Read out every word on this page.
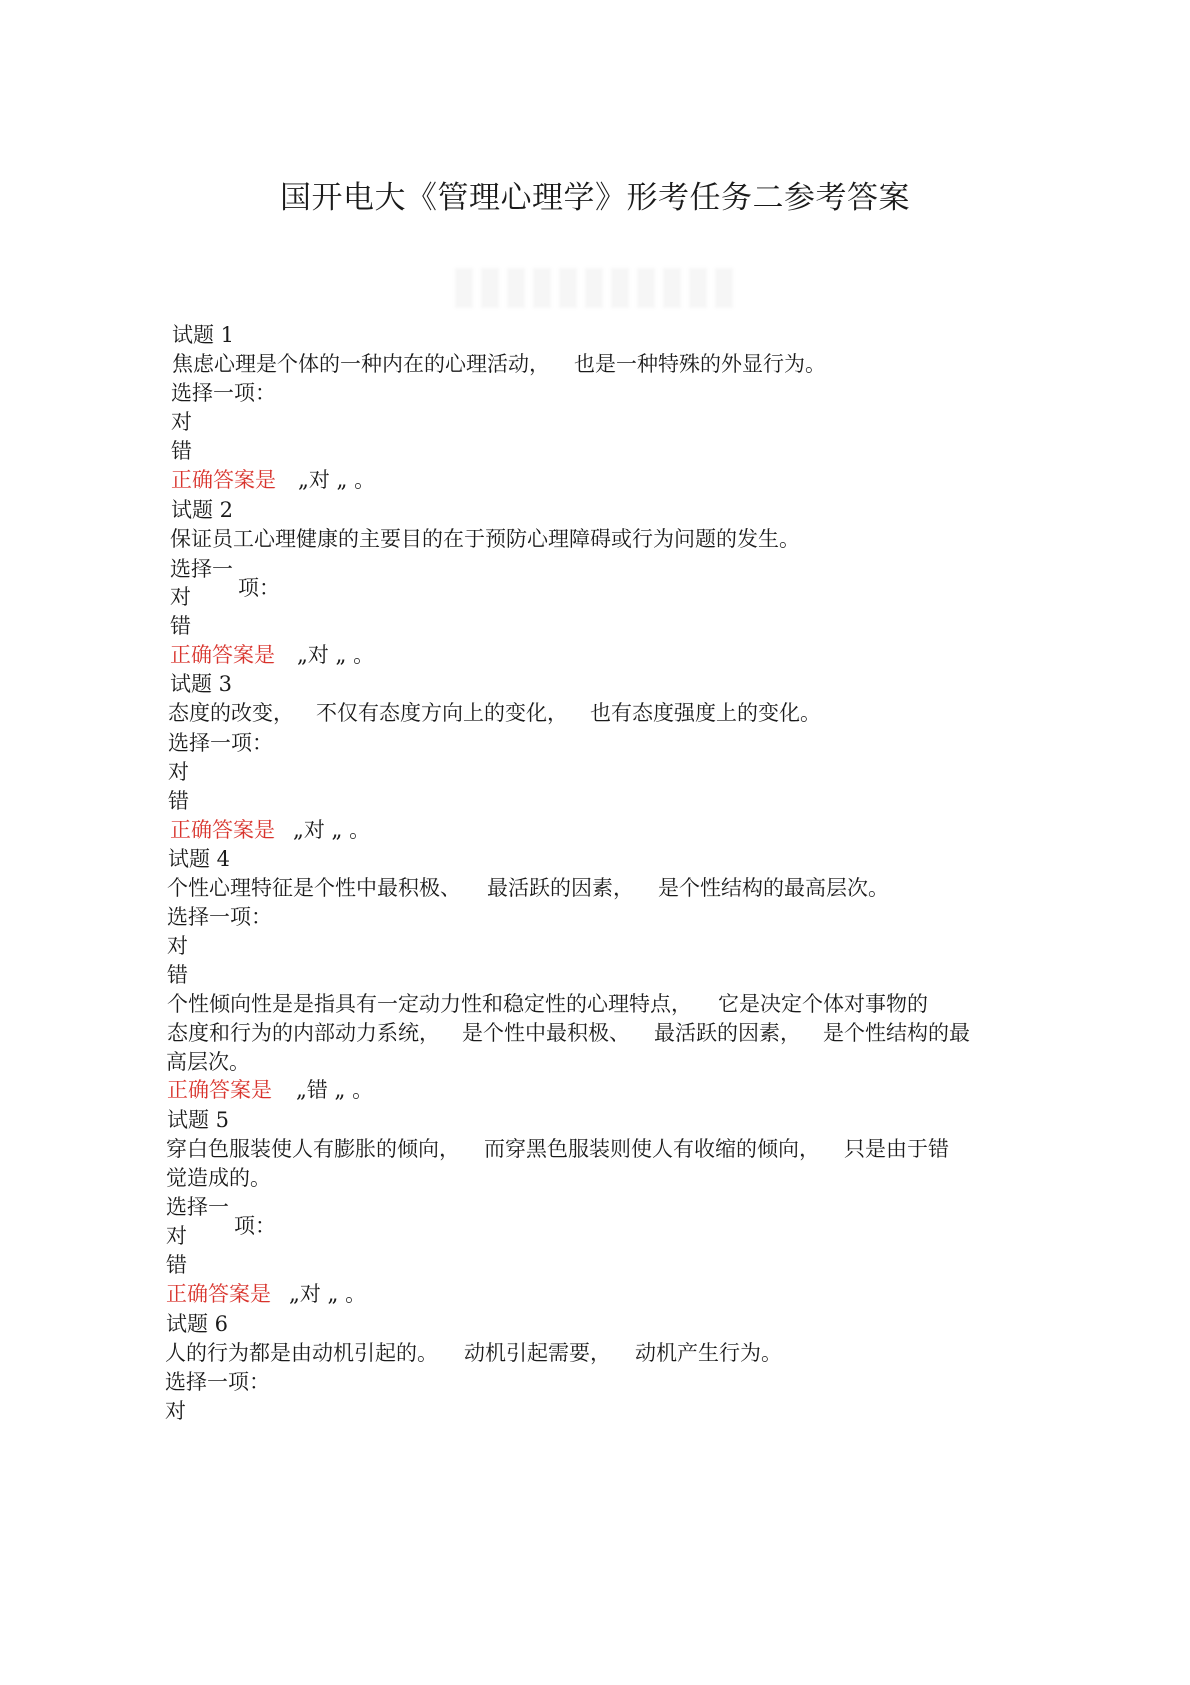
国开电大《管理心理学》形考任务二参考答案
试题 1
焦虑心理是个体的一种内在的心理活动， 也是一种特殊的外显行为。
选择一项：
对
错
正确答案是 „对 „ 。
试题 2
保证员工心理健康的主要目的在于预防心理障碍或行为问题的发生。
选择一
项：
对
错
正确答案是 „对 „ 。
试题 3
态度的改变， 不仅有态度方向上的变化， 也有态度强度上的变化。
选择一项：
对
错
正确答案是 „对 „ 。
试题 4
个性心理特征是个性中最积极、 最活跃的因素， 是个性结构的最高层次。
选择一项：
对
错
个性倾向性是是指具有一定动力性和稳定性的心理特点， 它是决定个体对事物的
态度和行为的内部动力系统， 是个性中最积极、 最活跃的因素， 是个性结构的最
高层次。
正确答案是 „错 „ 。
试题 5
穿白色服装使人有膨胀的倾向， 而穿黑色服装则使人有收缩的倾向， 只是由于错
觉造成的。
选择一
项：
对
错
正确答案是 „对 „ 。
试题 6
人的行为都是由动机引起的。 动机引起需要， 动机产生行为。
选择一项：
对
